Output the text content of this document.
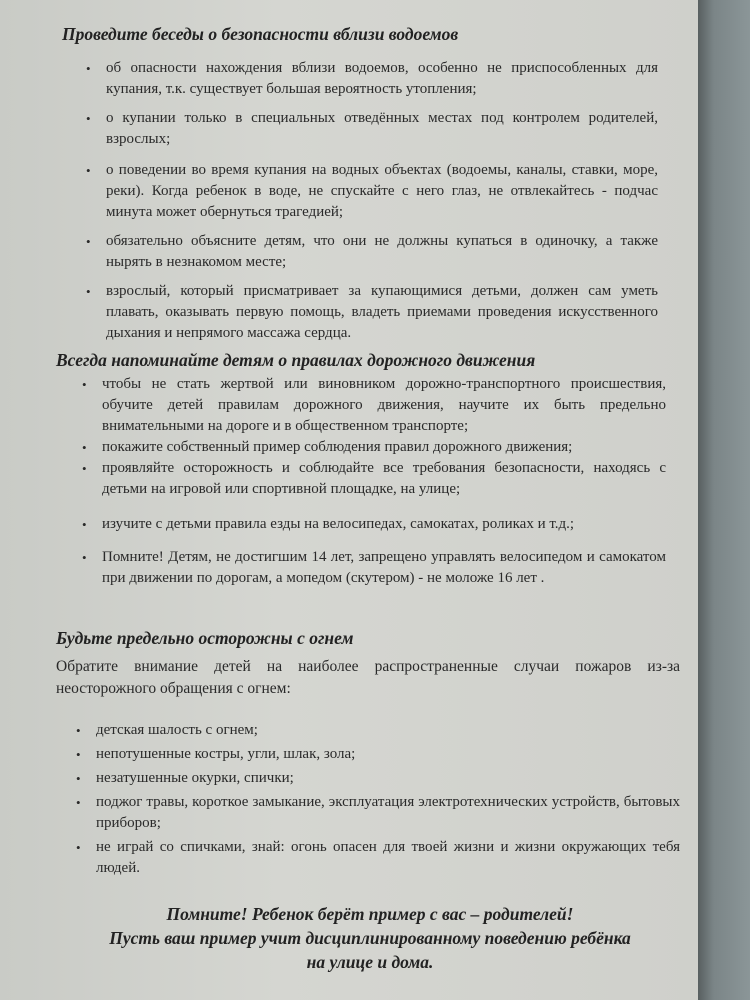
Проведите беседы о безопасности вблизи водоемов
• об опасности нахождения вблизи водоемов, особенно не приспособленных для купания, т.к. существует большая вероятность утопления;
• о купании только в специальных отведённых местах под контролем родителей, взрослых;
• о поведении во время купания на водных объектах (водоемы, каналы, ставки, море, реки). Когда ребенок в воде, не спускайте с него глаз, не отвлекайтесь - подчас минута может обернуться трагедией;
• обязательно объясните детям, что они не должны купаться в одиночку, а также нырять в незнакомом месте;
• взрослый, который присматривает за купающимися детьми, должен сам уметь плавать, оказывать первую помощь, владеть приемами проведения искусственного дыхания и непрямого массажа сердца.
Всегда напоминайте детям о правилах дорожного движения
• чтобы не стать жертвой или виновником дорожно-транспортного происшествия, обучите детей правилам дорожного движения, научите их быть предельно внимательными на дороге и в общественном транспорте;
• покажите собственный пример соблюдения правил дорожного движения;
• проявляйте осторожность и соблюдайте все требования безопасности, находясь с детьми на игровой или спортивной площадке, на улице;
• изучите с детьми правила езды на велосипедах, самокатах, роликах и т.д.;
• Помните! Детям, не достигшим 14 лет, запрещено управлять велосипедом и самокатом при движении по дорогам, а мопедом (скутером) - не моложе 16 лет .
Будьте предельно осторожны с огнем

Обратите внимание детей на наиболее распространенные случаи пожаров из-за неосторожного обращения с огнем:

• детская шалость с огнем;
• непотушенные костры, угли, шлак, зола;
• незатушенные окурки, спички;
• поджог травы, короткое замыкание, эксплуатация электротехнических устройств, бытовых приборов;
• не играй со спичками, знай: огонь опасен для твоей жизни и жизни окружающих тебя людей.
Помните! Ребенок берёт пример с вас – родителей!
Пусть ваш пример учит дисциплинированному поведению ребёнка
на улице и дома.
